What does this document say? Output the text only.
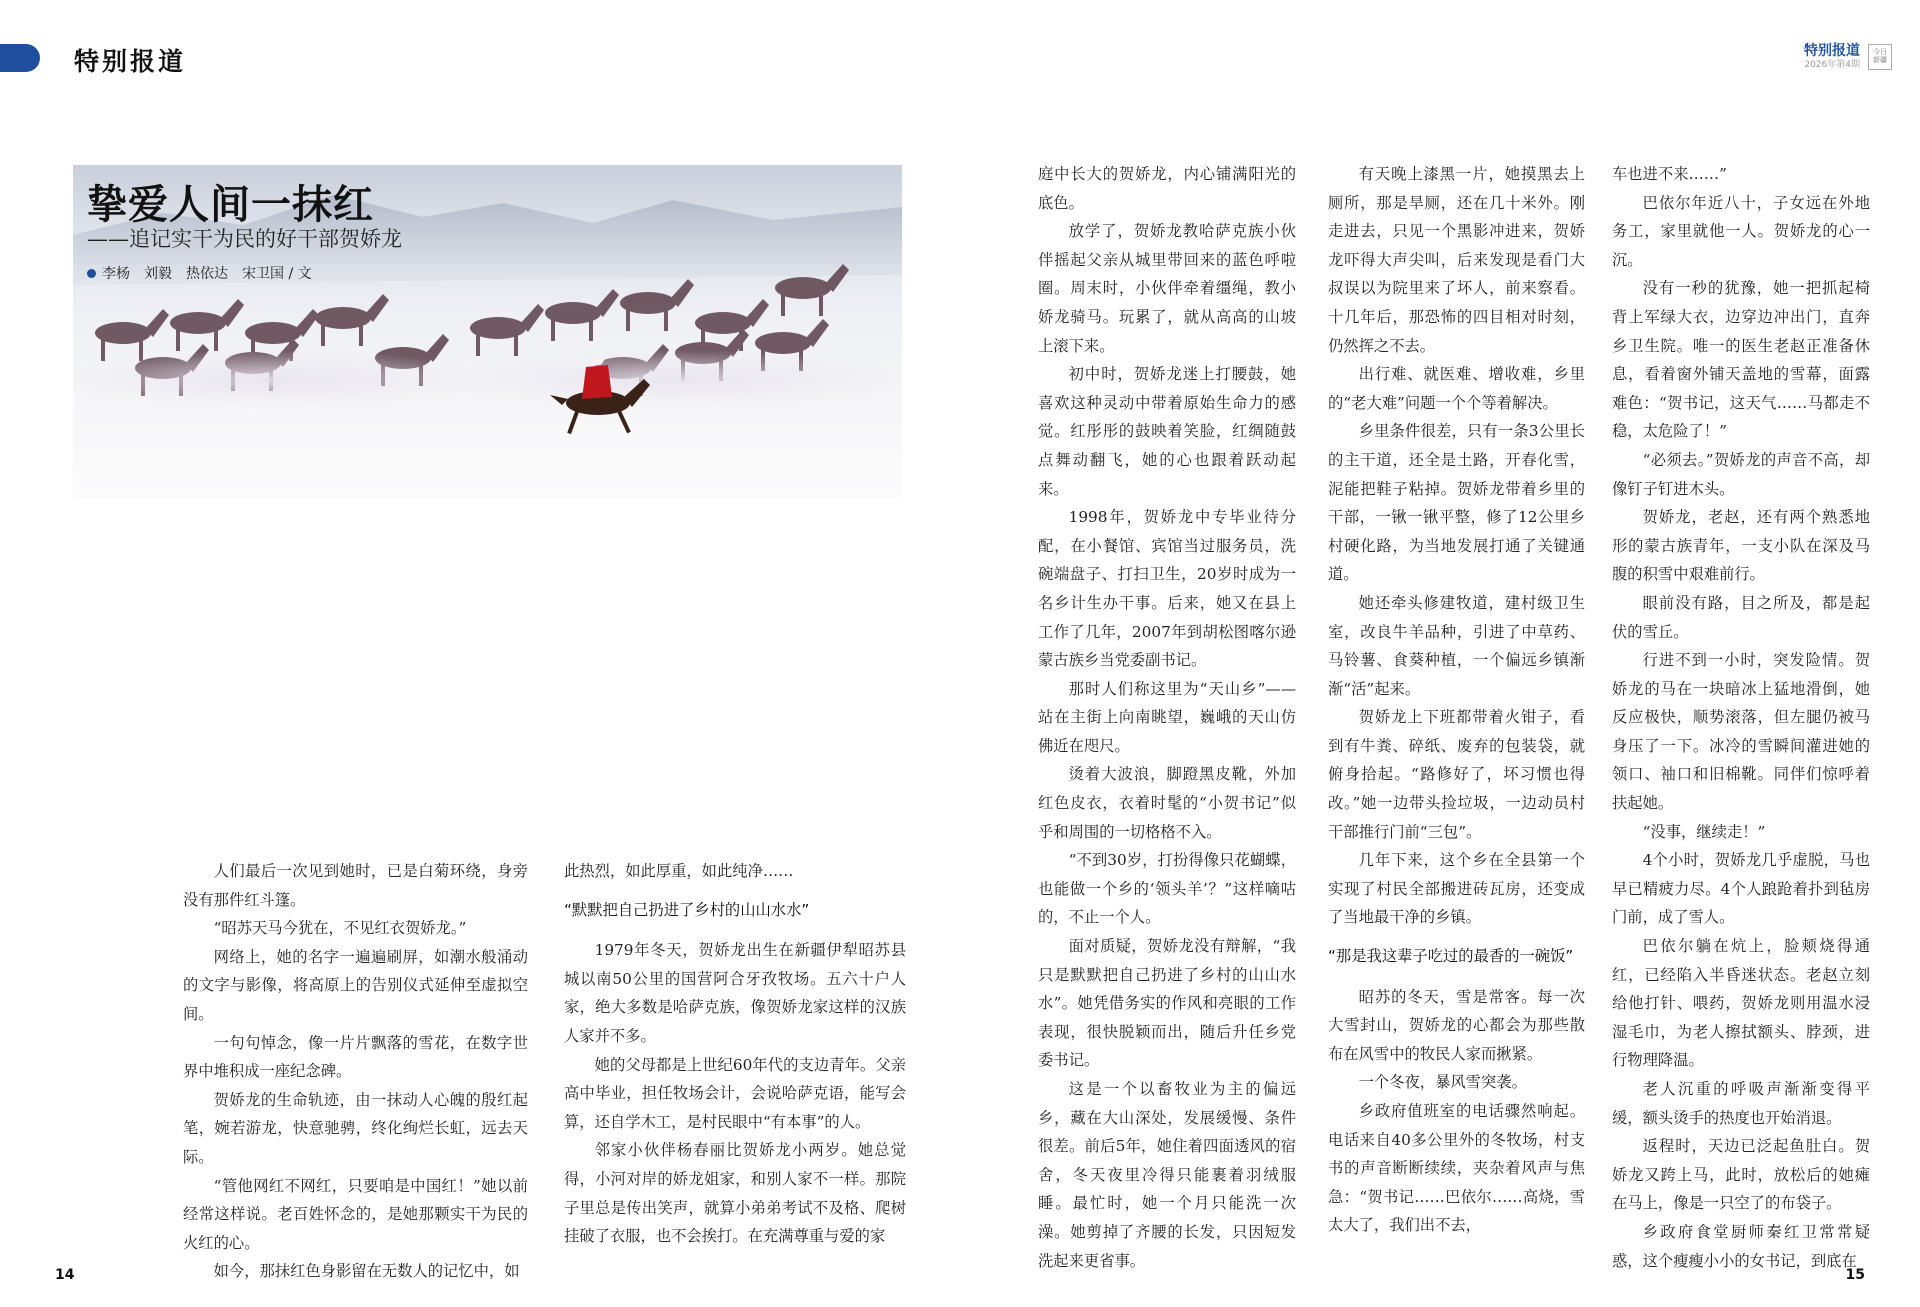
特别报道	特别报道
2026年第4期
今日 新疆
挚爱人间一抹红
——追记实干为民的好干部贺娇龙
李杨　刘毅　热依达　宋卫国 / 文

人们最后一次见到她时，已是白菊环绕，身旁没有那件红斗篷。

“昭苏天马今犹在，不见红衣贺娇龙。”

网络上，她的名字一遍遍刷屏，如潮水般涌动的文字与影像，将高原上的告别仪式延伸至虚拟空间。

一句句悼念，像一片片飘落的雪花，在数字世界中堆积成一座纪念碑。

贺娇龙的生命轨迹，由一抹动人心魄的殷红起笔，婉若游龙，快意驰骋，终化绚烂长虹，远去天际。

“管他网红不网红，只要咱是中国红！”她以前经常这样说。老百姓怀念的，是她那颗实干为民的火红的心。

如今，那抹红色身影留在无数人的记忆中，如

此热烈，如此厚重，如此纯净……

“默默把自己扔进了乡村的山山水水”

1979年冬天，贺娇龙出生在新疆伊犁昭苏县城以南50公里的国营阿合牙孜牧场。五六十户人家，绝大多数是哈萨克族，像贺娇龙家这样的汉族人家并不多。

她的父母都是上世纪60年代的支边青年。父亲高中毕业，担任牧场会计，会说哈萨克语，能写会算，还自学木工，是村民眼中“有本事”的人。

邻家小伙伴杨春丽比贺娇龙小两岁。她总觉得，小河对岸的娇龙姐家，和别人家不一样。那院子里总是传出笑声，就算小弟弟考试不及格、爬树挂破了衣服，也不会挨打。在充满尊重与爱的家

庭中长大的贺娇龙，内心铺满阳光的底色。

放学了，贺娇龙教哈萨克族小伙伴摇起父亲从城里带回来的蓝色呼啦圈。周末时，小伙伴牵着缰绳，教小娇龙骑马。玩累了，就从高高的山坡上滚下来。

初中时，贺娇龙迷上打腰鼓，她喜欢这种灵动中带着原始生命力的感觉。红彤彤的鼓映着笑脸，红绸随鼓点舞动翻飞，她的心也跟着跃动起来。

1998年，贺娇龙中专毕业待分配，在小餐馆、宾馆当过服务员，洗碗端盘子、打扫卫生，20岁时成为一名乡计生办干事。后来，她又在县上工作了几年，2007年到胡松图喀尔逊蒙古族乡当党委副书记。

那时人们称这里为“天山乡”——站在主街上向南眺望，巍峨的天山仿佛近在咫尺。

烫着大波浪，脚蹬黑皮靴，外加红色皮衣，衣着时髦的“小贺书记”似乎和周围的一切格格不入。

“不到30岁，打扮得像只花蝴蝶，也能做一个乡的‘领头羊’？”这样嘀咕的，不止一个人。

面对质疑，贺娇龙没有辩解，“我只是默默把自己扔进了乡村的山山水水”。她凭借务实的作风和亮眼的工作表现，很快脱颖而出，随后升任乡党委书记。

这是一个以畜牧业为主的偏远乡，藏在大山深处，发展缓慢、条件很差。前后5年，她住着四面透风的宿舍，冬天夜里冷得只能裹着羽绒服睡。最忙时，她一个月只能洗一次澡。她剪掉了齐腰的长发，只因短发洗起来更省事。

有天晚上漆黑一片，她摸黑去上厕所，那是旱厕，还在几十米外。刚走进去，只见一个黑影冲进来，贺娇龙吓得大声尖叫，后来发现是看门大叔误以为院里来了坏人，前来察看。十几年后，那恐怖的四目相对时刻，仍然挥之不去。

出行难、就医难、增收难，乡里的“老大难”问题一个个等着解决。

乡里条件很差，只有一条3公里长的主干道，还全是土路，开春化雪，泥能把鞋子粘掉。贺娇龙带着乡里的干部，一锹一锹平整，修了12公里乡村硬化路，为当地发展打通了关键通道。

她还牵头修建牧道，建村级卫生室，改良牛羊品种，引进了中草药、马铃薯、食葵种植，一个偏远乡镇渐渐“活”起来。

贺娇龙上下班都带着火钳子，看到有牛粪、碎纸、废弃的包装袋，就俯身拾起。“路修好了，坏习惯也得改。”她一边带头捡垃圾，一边动员村干部推行门前“三包”。

几年下来，这个乡在全县第一个实现了村民全部搬进砖瓦房，还变成了当地最干净的乡镇。

“那是我这辈子吃过的最香的一碗饭”

昭苏的冬天，雪是常客。每一次大雪封山，贺娇龙的心都会为那些散布在风雪中的牧民人家而揪紧。

一个冬夜，暴风雪突袭。

乡政府值班室的电话骤然响起。电话来自40多公里外的冬牧场，村支书的声音断断续续，夹杂着风声与焦急：“贺书记……巴依尔……高烧，雪太大了，我们出不去，

车也进不来……”

巴依尔年近八十，子女远在外地务工，家里就他一人。贺娇龙的心一沉。

没有一秒的犹豫，她一把抓起椅背上军绿大衣，边穿边冲出门，直奔乡卫生院。唯一的医生老赵正准备休息，看着窗外铺天盖地的雪幕，面露难色：“贺书记，这天气……马都走不稳，太危险了！”

“必须去。”贺娇龙的声音不高，却像钉子钉进木头。

贺娇龙，老赵，还有两个熟悉地形的蒙古族青年，一支小队在深及马腹的积雪中艰难前行。

眼前没有路，目之所及，都是起伏的雪丘。

行进不到一小时，突发险情。贺娇龙的马在一块暗冰上猛地滑倒，她反应极快，顺势滚落，但左腿仍被马身压了一下。冰冷的雪瞬间灌进她的领口、袖口和旧棉靴。同伴们惊呼着扶起她。

“没事，继续走！”

4个小时，贺娇龙几乎虚脱，马也早已精疲力尽。4个人踉跄着扑到毡房门前，成了雪人。

巴依尔躺在炕上，脸颊烧得通红，已经陷入半昏迷状态。老赵立刻给他打针、喂药，贺娇龙则用温水浸湿毛巾，为老人擦拭额头、脖颈，进行物理降温。

老人沉重的呼吸声渐渐变得平缓，额头烫手的热度也开始消退。

返程时，天边已泛起鱼肚白。贺娇龙又跨上马，此时，放松后的她瘫在马上，像是一只空了的布袋子。

乡政府食堂厨师秦红卫常常疑惑，这个瘦瘦小小的女书记，到底在

14	15
